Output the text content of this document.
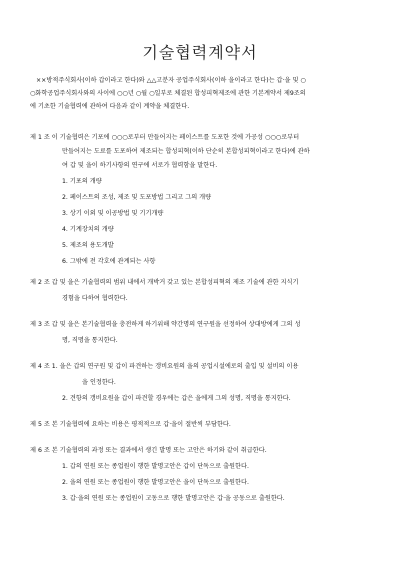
기술협력계약서
××방적주식회사(이하 갑이라고 한다)와 △△고분자 공업주식회사(이하 을이라고 한다)는 갑·을 및 ○
○화학공업주식회사와의 사이에 ○○년 ○월 ○일부로 체결된 합성피혁제조에 관한 기본계약서 제9조의
에 기초한 기술협력에 관하여 다음과 같이 계약을 체결한다.
제 1 조 이 기술협력은 기포에 ○○○로부터 만들어지는 페이스트를 도포한 것에 가공성 ○○○로부터
만들어지는 도료를 도포하여 제조되는 합성피혁(이하 단순히 본합성피혁이라고 한다)에 관하
여 갑 및 을이 하기사항의 연구에 서로가 협력함을 말한다.
1. 기포의 개량
2. 페이스트의 조성, 제조 및 도포방법 그리고 그의 개량
3. 상기 이외 및 이공방법 및 기기개량
4. 기계장치의 개량
5. 제조의 용도개발
6. 그밖에 전 각호에 관계되는 사항
제 2 조 갑 및 을은 기술협력의 범위 내에서 개박거 갖고 있는 본합성피혁의 제조 기술에 관한 지식기
경험을 다하여 협력한다.
제 3 조 갑 및 을은 본기술협력을 충전하게 하기위해 약간명의 연구원을 선정하여 상대방에게 그의 성
명, 직명을 통지한다.
제 4 조 1. 을은 갑의 연구원 및 갑이 파견하는 갱비요원의 을의 공업시설에로의 출입 및 설비의 이용
을 인정한다.
2. 견항의 갱비요원을 갑이 파견할 경우에는 갑은 을에게 그의 성명, 직명을 통지한다.
제 5 조 본 기술협력에 요하는 비용은 평적적으로 갑·을이 절반씩 부담한다.
제 6 조 본 기술협력의 과정 또는 결과에서 생긴 발명 또는 고안은 하기와 같이 취급한다.
1. 갑의 연원 또는 종업원이 행한 발명고안은 갑이 단독으로 출원한다.
2. 을의 연원 또는 종업원이 행한 발명고안은 을이 단독으로 출원한다.
3. 갑·을의 연원 또는 종업원이 고동으로 행한 발명고안은 갑·을 공동으로 출원한다.
